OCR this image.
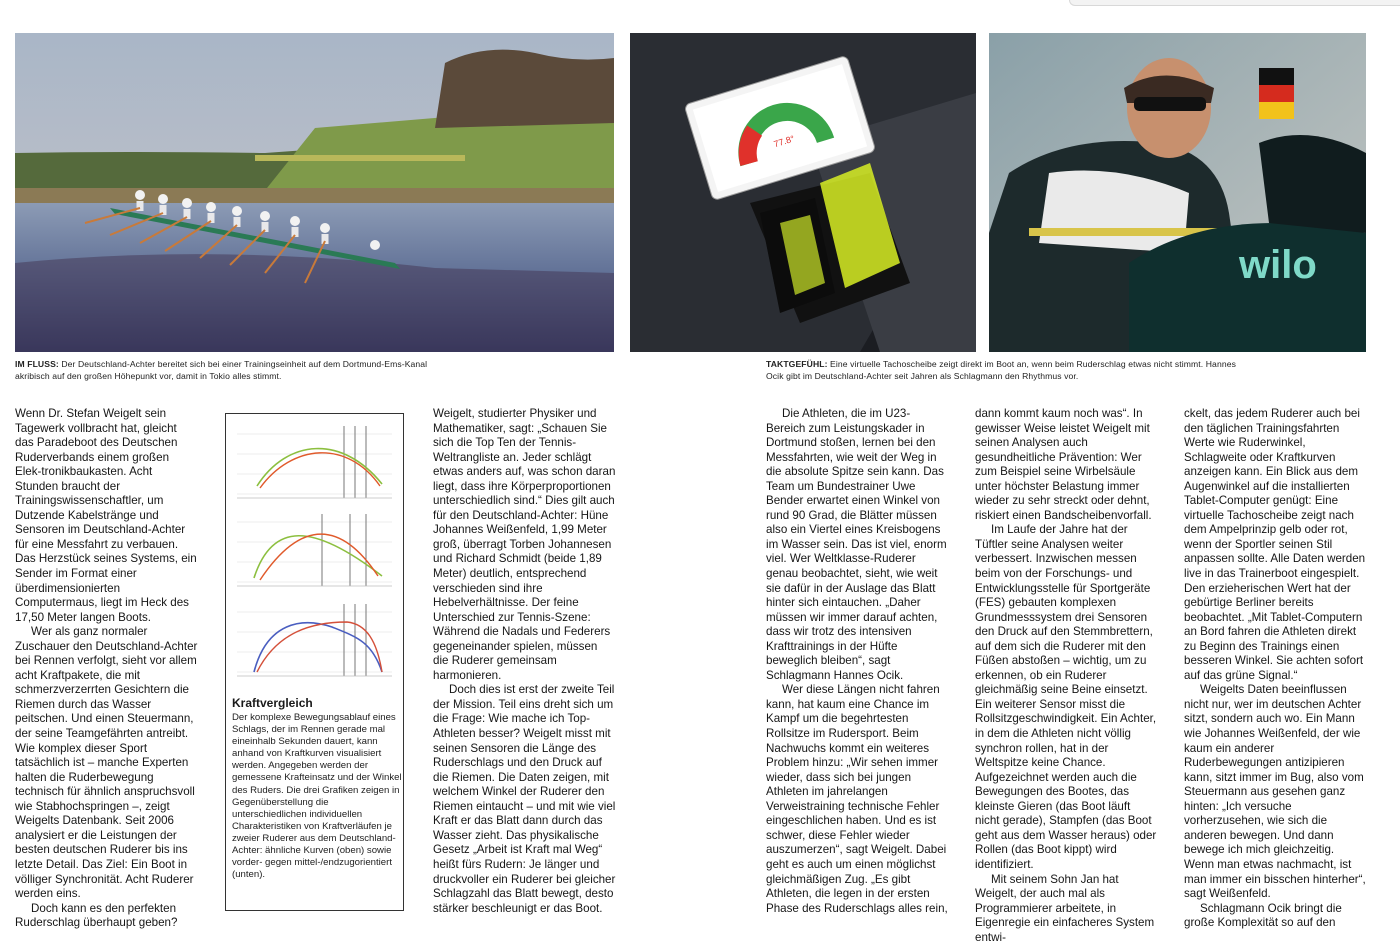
77.8°
wilo
IM FLUSS: Der Deutschland-Achter bereitet sich bei einer Trainingseinheit auf dem Dortmund-Ems-Kanal akribisch auf den großen Höhepunkt vor, damit in Tokio alles stimmt.
TAKTGEFÜHL: Eine virtuelle Tachoscheibe zeigt direkt im Boot an, wenn beim Ruderschlag etwas nicht stimmt. Hannes Ocik gibt im Deutschland-Achter seit Jahren als Schlagmann den Rhythmus vor.

Wenn Dr. Stefan Weigelt sein Tagewerk vollbracht hat, gleicht das Paradeboot des Deutschen Ruderverbands einem großen Elek-tronikbaukasten. Acht Stunden braucht der Trainingswissenschaftler, um Dutzende Kabelstränge und Sensoren im Deutschland-Achter für eine Messfahrt zu verbauen. Das Herzstück seines Systems, ein Sender im Format einer überdimensionierten Computermaus, liegt im Heck des 17,50 Meter langen Boots.

Wer als ganz normaler Zuschauer den Deutschland-Achter bei Rennen verfolgt, sieht vor allem acht Kraftpakete, die mit schmerzverzerrten Gesichtern die Riemen durch das Wasser peitschen. Und einen Steuermann, der seine Teamgefährten antreibt. Wie komplex dieser Sport tatsächlich ist – manche Experten halten die Ruderbewegung technisch für ähnlich anspruchsvoll wie Stabhochspringen –, zeigt Weigelts Datenbank. Seit 2006 analysiert er die Leistungen der besten deutschen Ruderer bis ins letzte Detail. Das Ziel: Ein Boot in völliger Synchronität. Acht Ruderer werden eins.

Doch kann es den perfekten Ruderschlag überhaupt geben?

Kraftvergleich
Der komplexe Bewegungsablauf eines Schlags, der im Rennen gerade mal eineinhalb Sekunden dauert, kann anhand von Kraftkurven visualisiert werden. Angegeben werden der gemessene Krafteinsatz und der Winkel des Ruders. Die drei Grafiken zeigen in Gegenüberstellung die unterschiedlichen individuellen Charakteristiken von Kraftverläufen je zweier Ruderer aus dem Deutschland-Achter: ähnliche Kurven (oben) sowie vorder- gegen mittel-/endzugorientiert (unten).

Weigelt, studierter Physiker und Mathematiker, sagt: „Schauen Sie sich die Top Ten der Tennis-Weltrangliste an. Jeder schlägt etwas anders auf, was schon daran liegt, dass ihre Körperproportionen unterschiedlich sind.“ Dies gilt auch für den Deutschland-Achter: Hüne Johannes Weißenfeld, 1,99 Meter groß, überragt Torben Johannesen und Richard Schmidt (beide 1,89 Meter) deutlich, entsprechend verschieden sind ihre Hebelverhältnisse. Der feine Unterschied zur Tennis-Szene: Während die Nadals und Federers gegeneinander spielen, müssen die Ruderer gemeinsam harmonieren.

Doch dies ist erst der zweite Teil der Mission. Teil eins dreht sich um die Frage: Wie mache ich Top-Athleten besser? Weigelt misst mit seinen Sensoren die Länge des Ruderschlags und den Druck auf die Riemen. Die Daten zeigen, mit welchem Winkel der Ruderer den Riemen eintaucht – und mit wie viel Kraft er das Blatt dann durch das Wasser zieht. Das physikalische Gesetz „Arbeit ist Kraft mal Weg“ heißt fürs Rudern: Je länger und druckvoller ein Ruderer bei gleicher Schlagzahl das Blatt bewegt, desto stärker beschleunigt er das Boot.

Die Athleten, die im U23-Bereich zum Leistungskader in Dortmund stoßen, lernen bei den Messfahrten, wie weit der Weg in die absolute Spitze sein kann. Das Team um Bundestrainer Uwe Bender erwartet einen Winkel von rund 90 Grad, die Blätter müssen also ein Viertel eines Kreisbogens im Wasser sein. Das ist viel, enorm viel. Wer Weltklasse-Ruderer genau beobachtet, sieht, wie weit sie dafür in der Auslage das Blatt hinter sich eintauchen. „Daher müssen wir immer darauf achten, dass wir trotz des intensiven Krafttrainings in der Hüfte beweglich bleiben“, sagt Schlagmann Hannes Ocik.

Wer diese Längen nicht fahren kann, hat kaum eine Chance im Kampf um die begehrtesten Rollsitze im Rudersport. Beim Nachwuchs kommt ein weiteres Problem hinzu: „Wir sehen immer wieder, dass sich bei jungen Athleten im jahrelangen Verweistraining technische Fehler eingeschlichen haben. Und es ist schwer, diese Fehler wieder auszumerzen“, sagt Weigelt. Dabei geht es auch um einen möglichst gleichmäßigen Zug. „Es gibt Athleten, die legen in der ersten Phase des Ruderschlags alles rein,

dann kommt kaum noch was“. In gewisser Weise leistet Weigelt mit seinen Analysen auch gesundheitliche Prävention: Wer zum Beispiel seine Wirbelsäule unter höchster Belastung immer wieder zu sehr streckt oder dehnt, riskiert einen Bandscheibenvorfall.

Im Laufe der Jahre hat der Tüftler seine Analysen weiter verbessert. Inzwischen messen beim von der Forschungs- und Entwicklungsstelle für Sportgeräte (FES) gebauten komplexen Grundmesssystem drei Sensoren den Druck auf den Stemmbrettern, auf dem sich die Ruderer mit den Füßen abstoßen – wichtig, um zu erkennen, ob ein Ruderer gleichmäßig seine Beine einsetzt. Ein weiterer Sensor misst die Rollsitzgeschwindigkeit. Ein Achter, in dem die Athleten nicht völlig synchron rollen, hat in der Weltspitze keine Chance. Aufgezeichnet werden auch die Bewegungen des Bootes, das kleinste Gieren (das Boot läuft nicht gerade), Stampfen (das Boot geht aus dem Wasser heraus) oder Rollen (das Boot kippt) wird identifiziert.

Mit seinem Sohn Jan hat Weigelt, der auch mal als Programmierer arbeitete, in Eigenregie ein einfacheres System entwi-

ckelt, das jedem Ruderer auch bei den täglichen Trainingsfahrten Werte wie Ruderwinkel, Schlagweite oder Kraftkurven anzeigen kann. Ein Blick aus dem Augenwinkel auf die installierten Tablet-Computer genügt: Eine virtuelle Tachoscheibe zeigt nach dem Ampelprinzip gelb oder rot, wenn der Sportler seinen Stil anpassen sollte. Alle Daten werden live in das Trainerboot eingespielt. Den erzieherischen Wert hat der gebürtige Berliner bereits beobachtet. „Mit Tablet-Computern an Bord fahren die Athleten direkt zu Beginn des Trainings einen besseren Winkel. Sie achten sofort auf das grüne Signal.“

Weigelts Daten beeinflussen nicht nur, wer im deutschen Achter sitzt, sondern auch wo. Ein Mann wie Johannes Weißenfeld, der wie kaum ein anderer Ruderbewegungen antizipieren kann, sitzt immer im Bug, also vom Steuermann aus gesehen ganz hinten: „Ich versuche vorherzusehen, wie sich die anderen bewegen. Und dann bewege ich mich gleichzeitig. Wenn man etwas nachmacht, ist man immer ein bisschen hinterher“, sagt Weißenfeld.

Schlagmann Ocik bringt die große Komplexität so auf den
